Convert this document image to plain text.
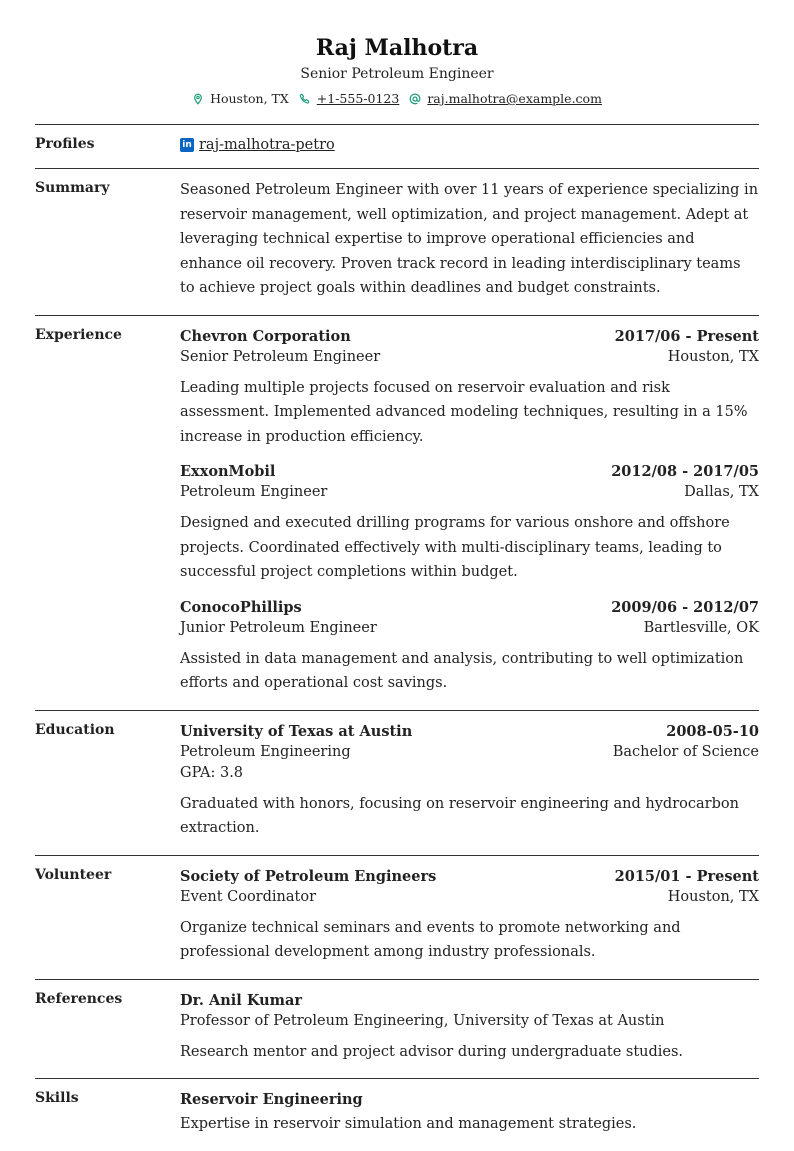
Raj Malhotra
Senior Petroleum Engineer
Houston, TX +1-555-0123 raj.malhotra@example.com
Profiles	in raj-malhotra-petro
Summary	Seasoned Petroleum Engineer with over 11 years of experience specializing in reservoir management, well optimization, and project management. Adept at leveraging technical expertise to improve operational efficiencies and enhance oil recovery. Proven track record in leading interdisciplinary teams to achieve project goals within deadlines and budget constraints.
Experience	Chevron Corporation	2017/06 - Present
Senior Petroleum Engineer	Houston, TX
Leading multiple projects focused on reservoir evaluation and risk assessment. Implemented advanced modeling techniques, resulting in a 15% increase in production efficiency.
ExxonMobil	2012/08 - 2017/05
Petroleum Engineer	Dallas, TX
Designed and executed drilling programs for various onshore and offshore projects. Coordinated effectively with multi-disciplinary teams, leading to successful project completions within budget.
ConocoPhillips	2009/06 - 2012/07
Junior Petroleum Engineer	Bartlesville, OK
Assisted in data management and analysis, contributing to well optimization efforts and operational cost savings.
Education	University of Texas at Austin	2008-05-10
Petroleum Engineering	Bachelor of Science
GPA: 3.8
Graduated with honors, focusing on reservoir engineering and hydrocarbon extraction.
Volunteer	Society of Petroleum Engineers	2015/01 - Present
Event Coordinator	Houston, TX
Organize technical seminars and events to promote networking and professional development among industry professionals.
References	Dr. Anil Kumar
Professor of Petroleum Engineering, University of Texas at Austin
Research mentor and project advisor during undergraduate studies.
Skills	Reservoir Engineering
Expertise in reservoir simulation and management strategies.
